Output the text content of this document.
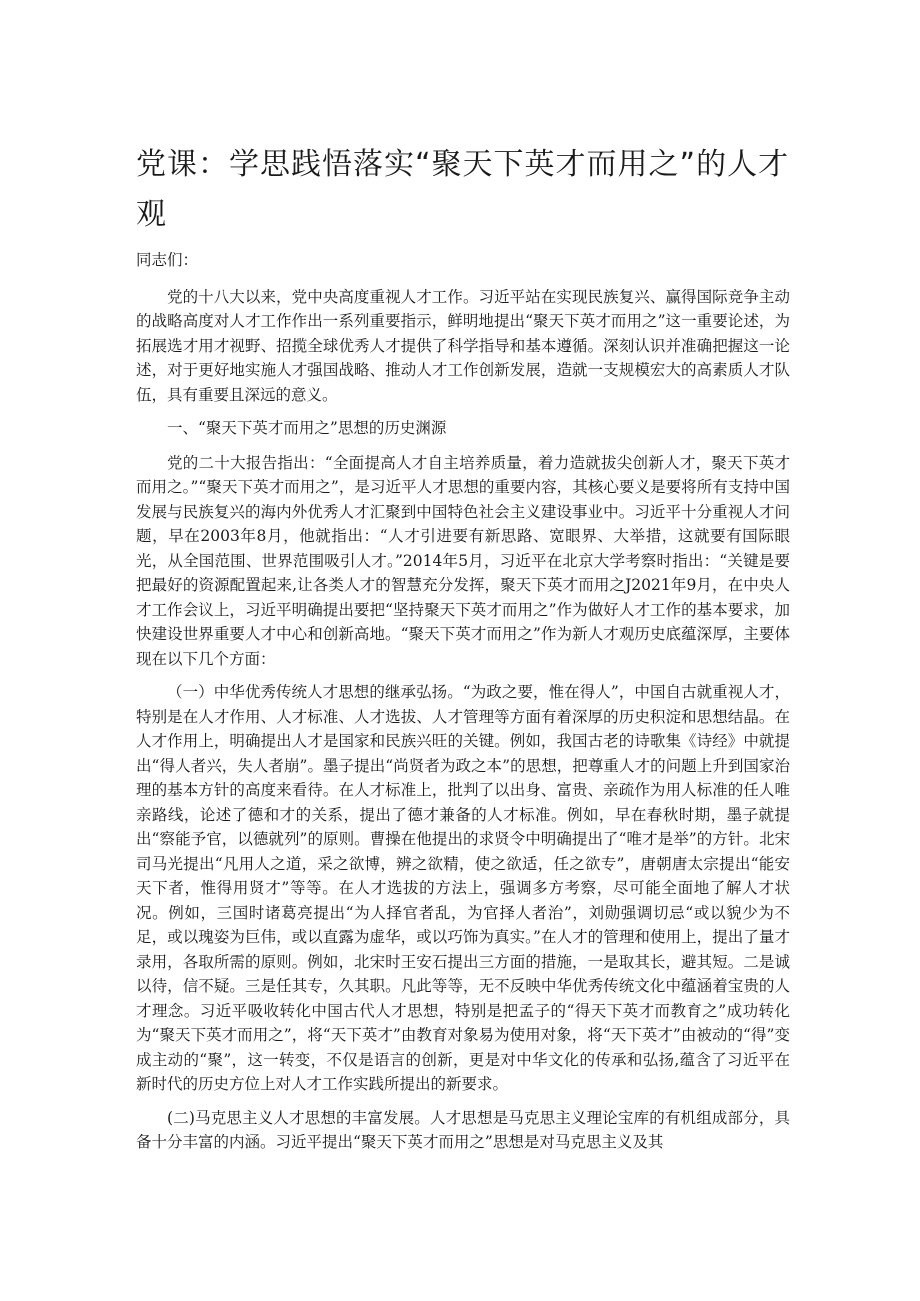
党课：学思践悟落实“聚天下英才而用之”的人才观

同志们：

党的十八大以来，党中央高度重视人才工作。习近平站在实现民族复兴、赢得国际竞争主动的战略高度对人才工作作出一系列重要指示，鲜明地提出“聚天下英才而用之”这一重要论述，为拓展选才用才视野、招揽全球优秀人才提供了科学指导和基本遵循。深刻认识并准确把握这一论述，对于更好地实施人才强国战略、推动人才工作创新发展，造就一支规模宏大的高素质人才队伍，具有重要且深远的意义。

一、“聚天下英才而用之”思想的历史渊源

党的二十大报告指出：“全面提高人才自主培养质量，着力造就拔尖创新人才，聚天下英才而用之。”“聚天下英才而用之”，是习近平人才思想的重要内容，其核心要义是要将所有支持中国发展与民族复兴的海内外优秀人才汇聚到中国特色社会主义建设事业中。习近平十分重视人才问题，早在2003年8月，他就指出：“人才引进要有新思路、宽眼界、大举措，这就要有国际眼光，从全国范围、世界范围吸引人才。”2014年5月，习近平在北京大学考察时指出：“关键是要把最好的资源配置起来,让各类人才的智慧充分发挥，聚天下英才而用之J2021年9月，在中央人才工作会议上，习近平明确提出要把“坚持聚天下英才而用之”作为做好人才工作的基本要求，加快建设世界重要人才中心和创新高地。“聚天下英才而用之”作为新人才观历史底蕴深厚，主要体现在以下几个方面：

（一）中华优秀传统人才思想的继承弘扬。“为政之要，惟在得人”，中国自古就重视人才，特别是在人才作用、人才标准、人才选拔、人才管理等方面有着深厚的历史积淀和思想结晶。在人才作用上，明确提出人才是国家和民族兴旺的关键。例如，我国古老的诗歌集《诗经》中就提出“得人者兴，失人者崩”。墨子提出“尚贤者为政之本”的思想，把尊重人才的问题上升到国家治理的基本方针的高度来看待。在人才标准上，批判了以出身、富贵、亲疏作为用人标准的任人唯亲路线，论述了德和才的关系，提出了德才兼备的人才标准。例如，早在春秋时期，墨子就提出“察能予官，以德就列”的原则。曹操在他提出的求贤令中明确提出了“唯才是举”的方针。北宋司马光提出“凡用人之道，采之欲博，辨之欲精，使之欲适，任之欲专”，唐朝唐太宗提出“能安天下者，惟得用贤才”等等。在人才选拔的方法上，强调多方考察，尽可能全面地了解人才状况。例如，三国时诸葛亮提出“为人择官者乱，为官择人者治”，刘勋强调切忌“或以貌少为不足，或以瑰姿为巨伟，或以直露为虚华，或以巧饰为真实。”在人才的管理和使用上，提出了量才录用，各取所需的原则。例如，北宋时王安石提出三方面的措施，一是取其长，避其短。二是诚以待，信不疑。三是任其专，久其职。凡此等等，无不反映中华优秀传统文化中蕴涵着宝贵的人才理念。习近平吸收转化中国古代人才思想，特别是把孟子的“得天下英才而教育之”成功转化为“聚天下英才而用之”，将“天下英才”由教育对象易为使用对象，将“天下英才”由被动的“得”变成主动的“聚”，这一转变，不仅是语言的创新，更是对中华文化的传承和弘扬,蕴含了习近平在新时代的历史方位上对人才工作实践所提出的新要求。

(二)马克思主义人才思想的丰富发展。人才思想是马克思主义理论宝库的有机组成部分，具备十分丰富的内涵。习近平提出“聚天下英才而用之”思想是对马克思主义及其
